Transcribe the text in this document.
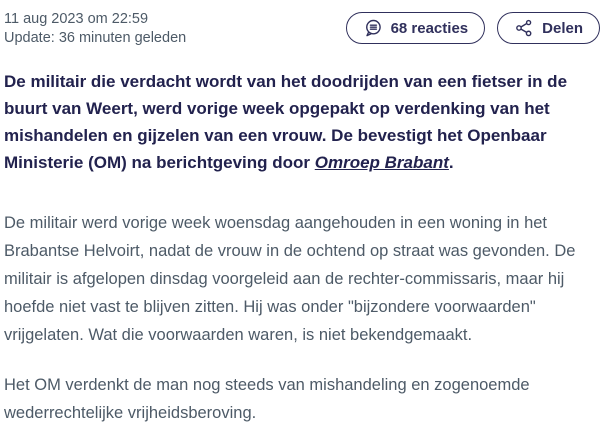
11 aug 2023 om 22:59
Update: 36 minuten geleden
68 reacties	Delen

De militair die verdacht wordt van het doodrijden van een fietser in de buurt van Weert, werd vorige week opgepakt op verdenking van het mishandelen en gijzelen van een vrouw. De bevestigt het Openbaar Ministerie (OM) na berichtgeving door Omroep Brabant.

De militair werd vorige week woensdag aangehouden in een woning in het Brabantse Helvoirt, nadat de vrouw in de ochtend op straat was gevonden. De militair is afgelopen dinsdag voorgeleid aan de rechter-commissaris, maar hij hoefde niet vast te blijven zitten. Hij was onder "bijzondere voorwaarden" vrijgelaten. Wat die voorwaarden waren, is niet bekendgemaakt.

Het OM verdenkt de man nog steeds van mishandeling en zogenoemde wederrechtelijke vrijheidsberoving.
